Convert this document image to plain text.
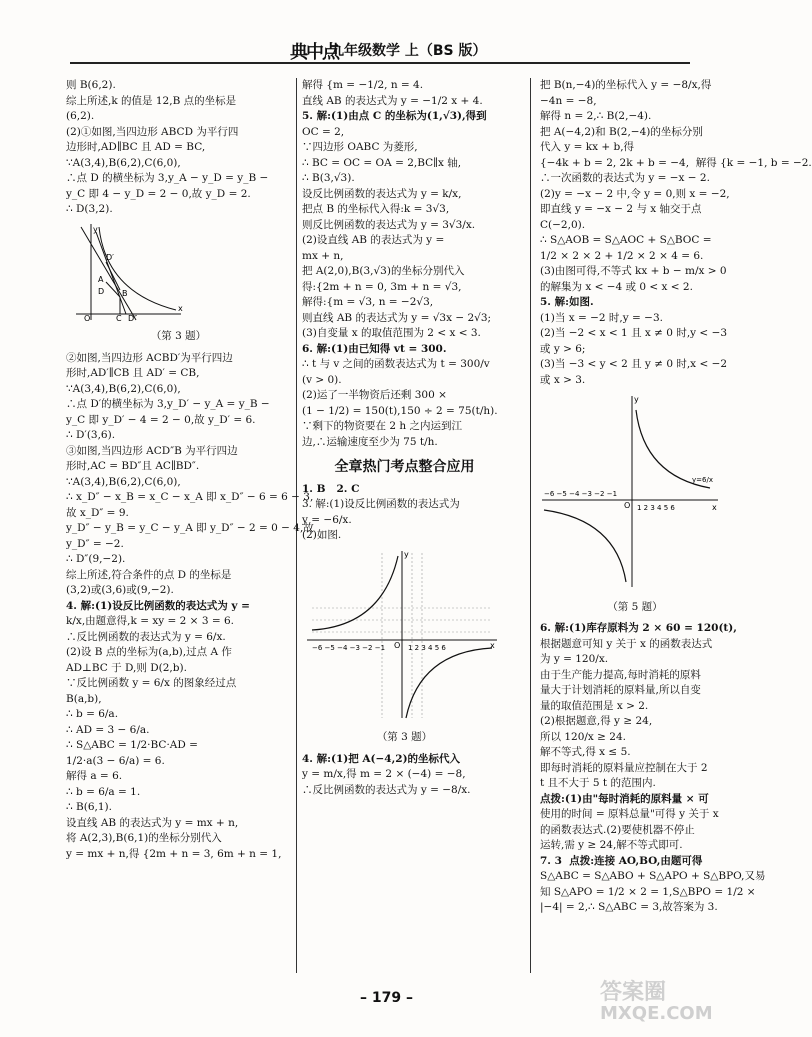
典中点
九年级数学 上（BS 版）
则 B(6,2).
综上所述,k 的值是 12,B 点的坐标是
(6,2).
(2)①如图,当四边形 ABCD 为平行四
边形时,AD∥BC 且 AD = BC,
∵A(3,4),B(6,2),C(6,0),
∴点 D 的横坐标为 3,y_A − y_D = y_B −
y_C 即 4 − y_D = 2 − 0,故 y_D = 2.
∴ D(3,2).
y
x
O
D′
A
B
D
C D″
（第 3 题）
②如图,当四边形 ACBD′为平行四边
形时,AD′∥CB 且 AD′ = CB,
∵A(3,4),B(6,2),C(6,0),
∴点 D′的横坐标为 3,y_D′ − y_A = y_B −
y_C 即 y_D′ − 4 = 2 − 0,故 y_D′ = 6.
∴ D′(3,6).
③如图,当四边形 ACD″B 为平行四边
形时,AC = BD″且 AC∥BD″.
∵A(3,4),B(6,2),C(6,0),
∴ x_D″ − x_B = x_C − x_A 即 x_D″ − 6 = 6 − 3,
故 x_D″ = 9.
y_D″ − y_B = y_C − y_A 即 y_D″ − 2 = 0 − 4,故
y_D″ = −2.
∴ D″(9,−2).
综上所述,符合条件的点 D 的坐标是
(3,2)或(3,6)或(9,−2).
4. 解:(1)设反比例函数的表达式为 y =
k/x,由题意得,k = xy = 2 × 3 = 6.
∴反比例函数的表达式为 y = 6/x.
(2)设 B 点的坐标为(a,b),过点 A 作
AD⊥BC 于 D,则 D(2,b).
∵反比例函数 y = 6/x 的图象经过点
B(a,b),
∴ b = 6/a.
∴ AD = 3 − 6/a.
∴ S△ABC = 1/2·BC·AD =
1/2·a(3 − 6/a) = 6.
解得 a = 6.
∴ b = 6/a = 1.
∴ B(6,1).
设直线 AB 的表达式为 y = mx + n,
将 A(2,3),B(6,1)的坐标分别代入
y = mx + n,得 {2m + n = 3, 6m + n = 1,
解得 {m = −1/2, n = 4.
直线 AB 的表达式为 y = −1/2 x + 4.
5. 解:(1)由点 C 的坐标为(1,√3),得到
OC = 2,
∵四边形 OABC 为菱形,
∴ BC = OC = OA = 2,BC∥x 轴,
∴ B(3,√3).
设反比例函数的表达式为 y = k/x,
把点 B 的坐标代入得:k = 3√3,
则反比例函数的表达式为 y = 3√3/x.
(2)设直线 AB 的表达式为 y =
mx + n,
把 A(2,0),B(3,√3)的坐标分别代入
得:{2m + n = 0, 3m + n = √3,
解得:{m = √3, n = −2√3,
则直线 AB 的表达式为 y = √3x − 2√3;
(3)自变量 x 的取值范围为 2 < x < 3.
6. 解:(1)由已知得 vt = 300.
∴ t 与 v 之间的函数表达式为 t = 300/v
(v > 0).
(2)运了一半物资后还剩 300 ×
(1 − 1/2) = 150(t),150 ÷ 2 = 75(t/h).
∵剩下的物资要在 2 h 之内运到江
边,∴运输速度至少为 75 t/h.
全章热门考点整合应用
1. B   2. C
3. 解:(1)设反比例函数的表达式为
y = −6/x.
(2)如图.
y
x
O
−6 −5 −4 −3 −2 −1	1 2 3 4 5 6
（第 3 题）
4. 解:(1)把 A(−4,2)的坐标代入
y = m/x,得 m = 2 × (−4) = −8,
∴反比例函数的表达式为 y = −8/x.
把 B(n,−4)的坐标代入 y = −8/x,得
−4n = −8,
解得 n = 2,∴ B(2,−4).
把 A(−4,2)和 B(2,−4)的坐标分别
代入 y = kx + b,得
{−4k + b = 2, 2k + b = −4,  解得 {k = −1, b = −2.
∴一次函数的表达式为 y = −x − 2.
(2)y = −x − 2 中,令 y = 0,则 x = −2,
即直线 y = −x − 2 与 x 轴交于点
C(−2,0).
∴ S△AOB = S△AOC + S△BOC =
1/2 × 2 × 2 + 1/2 × 2 × 4 = 6.
(3)由图可得,不等式 kx + b − m/x > 0
的解集为 x < −4 或 0 < x < 2.
5. 解:如图.
(1)当 x = −2 时,y = −3.
(2)当 −2 < x < 1 且 x ≠ 0 时,y < −3
或 y > 6;
(3)当 −3 < y < 2 且 y ≠ 0 时,x < −2
或 x > 3.
y
x
O
−6 −5 −4 −3 −2 −1
1 2 3 4 5 6
y=6/x
（第 5 题）
6. 解:(1)库存原料为 2 × 60 = 120(t),
根据题意可知 y 关于 x 的函数表达式
为 y = 120/x.
由于生产能力提高,每时消耗的原料
量大于计划消耗的原料量,所以自变
量的取值范围是 x > 2.
(2)根据题意,得 y ≥ 24,
所以 120/x ≥ 24.
解不等式,得 x ≤ 5.
即每时消耗的原料量应控制在大于 2
t 且不大于 5 t 的范围内.
点拨:(1)由"每时消耗的原料量 × 可
使用的时间 = 原料总量"可得 y 关于 x
的函数表达式.(2)要使机器不停止
运转,需 y ≥ 24,解不等式即可.
7. 3  点拨:连接 AO,BO,由题可得
S△ABC = S△ABO + S△APO + S△BPO,又易
知 S△APO = 1/2 × 2 = 1,S△BPO = 1/2 ×
|−4| = 2,∴ S△ABC = 3,故答案为 3.
– 179 –	答案圈
MXQE.COM
